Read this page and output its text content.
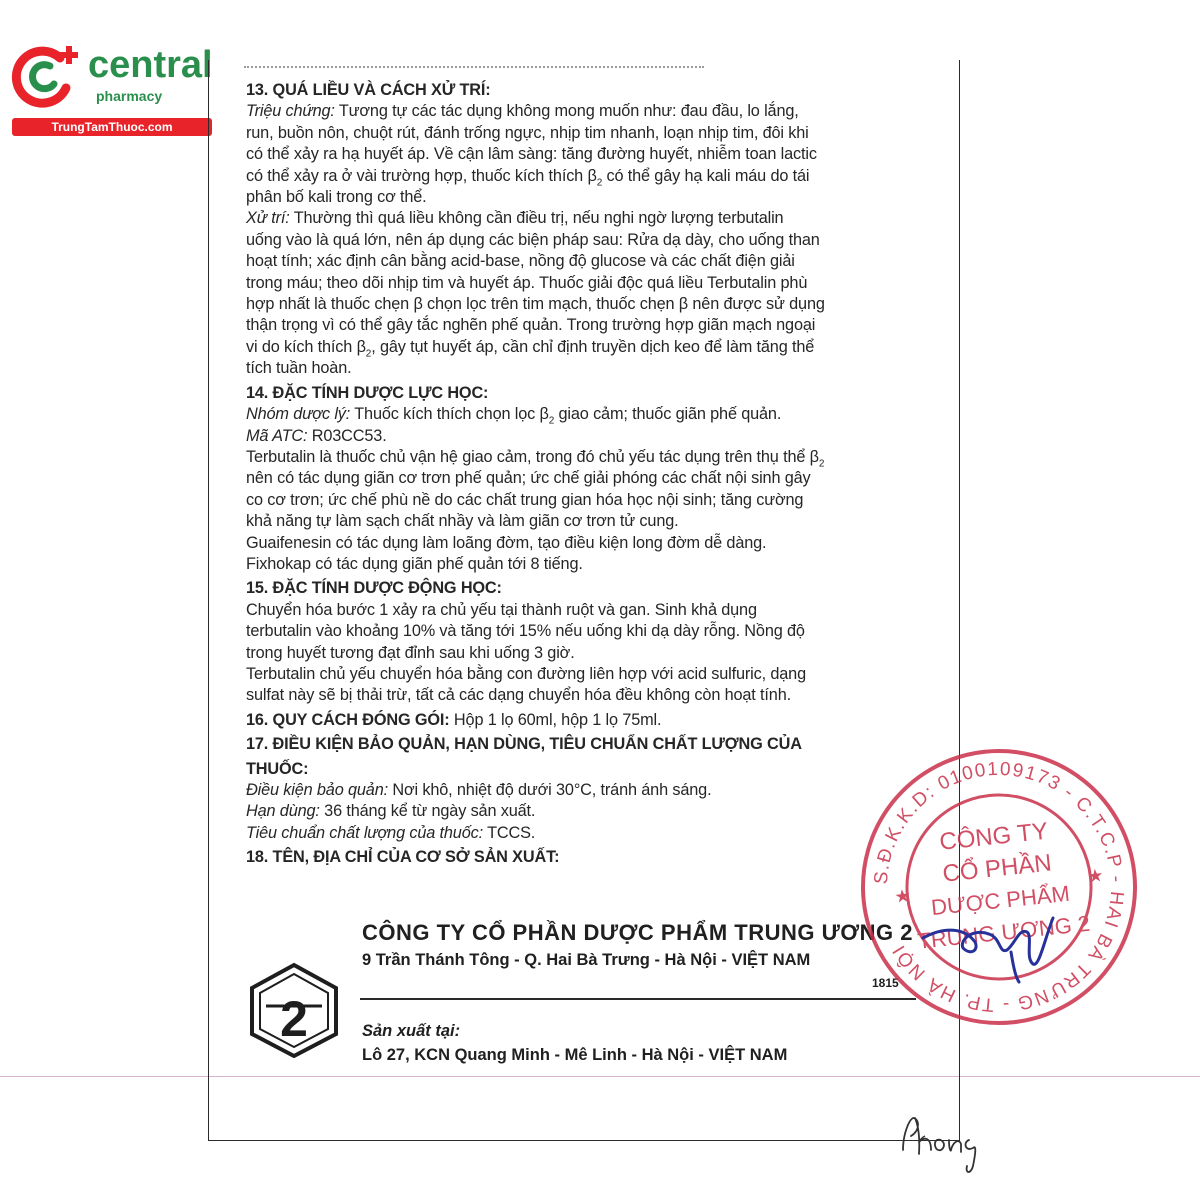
central
pharmacy
TrungTamThuoc.com
13. QUÁ LIỀU VÀ CÁCH XỬ TRÍ:
Triệu chứng: Tương tự các tác dụng không mong muốn như: đau đầu, lo lắng,
run, buồn nôn, chuột rút, đánh trống ngực, nhịp tim nhanh, loạn nhịp tim, đôi khi
có thể xảy ra hạ huyết áp. Về cận lâm sàng: tăng đường huyết, nhiễm toan lactic
có thể xảy ra ở vài trường hợp, thuốc kích thích $\beta_2$ có thể gây hạ kali máu do tái
phân bố kali trong cơ thể.
Xử trí: Thường thì quá liều không cần điều trị, nếu nghi ngờ lượng terbutalin
uống vào là quá lớn, nên áp dụng các biện pháp sau: Rửa dạ dày, cho uống than
hoạt tính; xác định cân bằng acid-base, nồng độ glucose và các chất điện giải
trong máu; theo dõi nhịp tim và huyết áp. Thuốc giải độc quá liều Terbutalin phù
hợp nhất là thuốc chẹn β chọn lọc trên tim mạch, thuốc chẹn β nên được sử dụng
thận trọng vì có thể gây tắc nghẽn phế quản. Trong trường hợp giãn mạch ngoại
vi do kích thích $\beta_2$, gây tụt huyết áp, cần chỉ định truyền dịch keo để làm tăng thể
tích tuần hoàn.
14. ĐẶC TÍNH DƯỢC LỰC HỌC:
Nhóm dược lý: Thuốc kích thích chọn lọc $\beta_2$ giao cảm; thuốc giãn phế quản.
Mã ATC: R03CC53.
Terbutalin là thuốc chủ vận hệ giao cảm, trong đó chủ yếu tác dụng trên thụ thể $\beta_2$
nên có tác dụng giãn cơ trơn phế quản; ức chế giải phóng các chất nội sinh gây
co cơ trơn; ức chế phù nề do các chất trung gian hóa học nội sinh; tăng cường
khả năng tự làm sạch chất nhầy và làm giãn cơ trơn tử cung.
Guaifenesin có tác dụng làm loãng đờm, tạo điều kiện long đờm dễ dàng.
Fixhokap có tác dụng giãn phế quản tới 8 tiếng.
15. ĐẶC TÍNH DƯỢC ĐỘNG HỌC:
Chuyển hóa bước 1 xảy ra chủ yếu tại thành ruột và gan. Sinh khả dụng
terbutalin vào khoảng 10% và tăng tới 15% nếu uống khi dạ dày rỗng. Nồng độ
trong huyết tương đạt đỉnh sau khi uống 3 giờ.
Terbutalin chủ yếu chuyển hóa bằng con đường liên hợp với acid sulfuric, dạng
sulfat này sẽ bị thải trừ, tất cả các dạng chuyển hóa đều không còn hoạt tính.
16. QUY CÁCH ĐÓNG GÓI: Hộp 1 lọ 60ml, hộp 1 lọ 75ml.
17. ĐIỀU KIỆN BẢO QUẢN, HẠN DÙNG, TIÊU CHUẨN CHẤT LƯỢNG CỦA
THUỐC:
Điều kiện bảo quản: Nơi khô, nhiệt độ dưới 30°C, tránh ánh sáng.
Hạn dùng: 36 tháng kể từ ngày sản xuất.
Tiêu chuẩn chất lượng của thuốc: TCCS.
18. TÊN, ĐỊA CHỈ CỦA CƠ SỞ SẢN XUẤT:
CÔNG TY CỔ PHẦN DƯỢC PHẨM TRUNG ƯƠNG 2
9 Trần Thánh Tông - Q. Hai Bà Trưng - Hà Nội - VIỆT NAM
1815
Sản xuất tại:
Lô 27, KCN Quang Minh - Mê Linh - Hà Nội - VIỆT NAM
2
S.Đ.K.K.D: 0100109173 - C.T.C.P - HAI BÀ TRƯNG - TP. HÀ NỘI
CÔNG TY
CỔ PHẦN
DƯỢC PHẨM
TRUNG ƯƠNG 2
★
★
